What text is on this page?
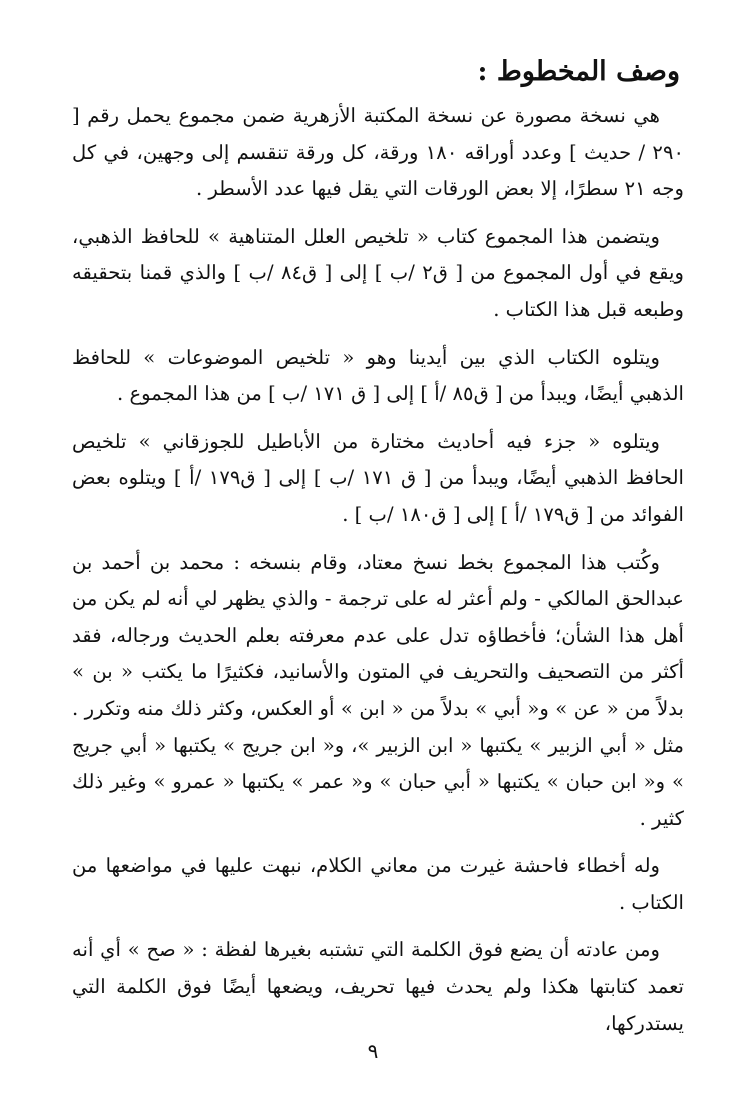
وصف المخطوط :

هي نسخة مصورة عن نسخة المكتبة الأزهرية ضمن مجموع يحمل رقم [ ٢٩٠ / حديث ] وعدد أوراقه ١٨٠ ورقة، كل ورقة تنقسم إلى وجهين، في كل وجه ٢١ سطرًا، إلا بعض الورقات التي يقل فيها عدد الأسطر .

ويتضمن هذا المجموع كتاب « تلخيص العلل المتناهية » للحافظ الذهبي، ويقع في أول المجموع من [ ق٢ /ب ] إلى [ ق٨٤ /ب ] والذي قمنا بتحقيقه وطبعه قبل هذا الكتاب .

ويتلوه الكتاب الذي بين أيدينا وهو « تلخيص الموضوعات » للحافظ الذهبي أيضًا، ويبدأ من [ ق٨٥ /أ ] إلى [ ق ١٧١ /ب ] من هذا المجموع .

ويتلوه « جزء فيه أحاديث مختارة من الأباطيل للجوزقاني » تلخيص الحافظ الذهبي أيضًا، ويبدأ من [ ق ١٧١ /ب ] إلى [ ق١٧٩ /أ ] ويتلوه بعض الفوائد من [ ق١٧٩ /أ ] إلى [ ق١٨٠ /ب ] .

وكُتب هذا المجموع بخط نسخ معتاد، وقام بنسخه : محمد بن أحمد بن عبدالحق المالكي - ولم أعثر له على ترجمة - والذي يظهر لي أنه لم يكن من أهل هذا الشأن؛ فأخطاؤه تدل على عدم معرفته بعلم الحديث ورجاله، فقد أكثر من التصحيف والتحريف في المتون والأسانيد، فكثيرًا ما يكتب « بن » بدلاً من « عن » و« أبي » بدلاً من « ابن » أو العكس، وكثر ذلك منه وتكرر . مثل « أبي الزبير » يكتبها « ابن الزبير »، و« ابن جريج » يكتبها « أبي جريج » و« ابن حبان » يكتبها « أبي حبان » و« عمر » يكتبها « عمرو » وغير ذلك كثير .

وله أخطاء فاحشة غيرت من معاني الكلام، نبهت عليها في مواضعها من الكتاب .

ومن عادته أن يضع فوق الكلمة التي تشتبه بغيرها لفظة : « صح » أي أنه تعمد كتابتها هكذا ولم يحدث فيها تحريف، ويضعها أيضًا فوق الكلمة التي يستدركها،

٩
